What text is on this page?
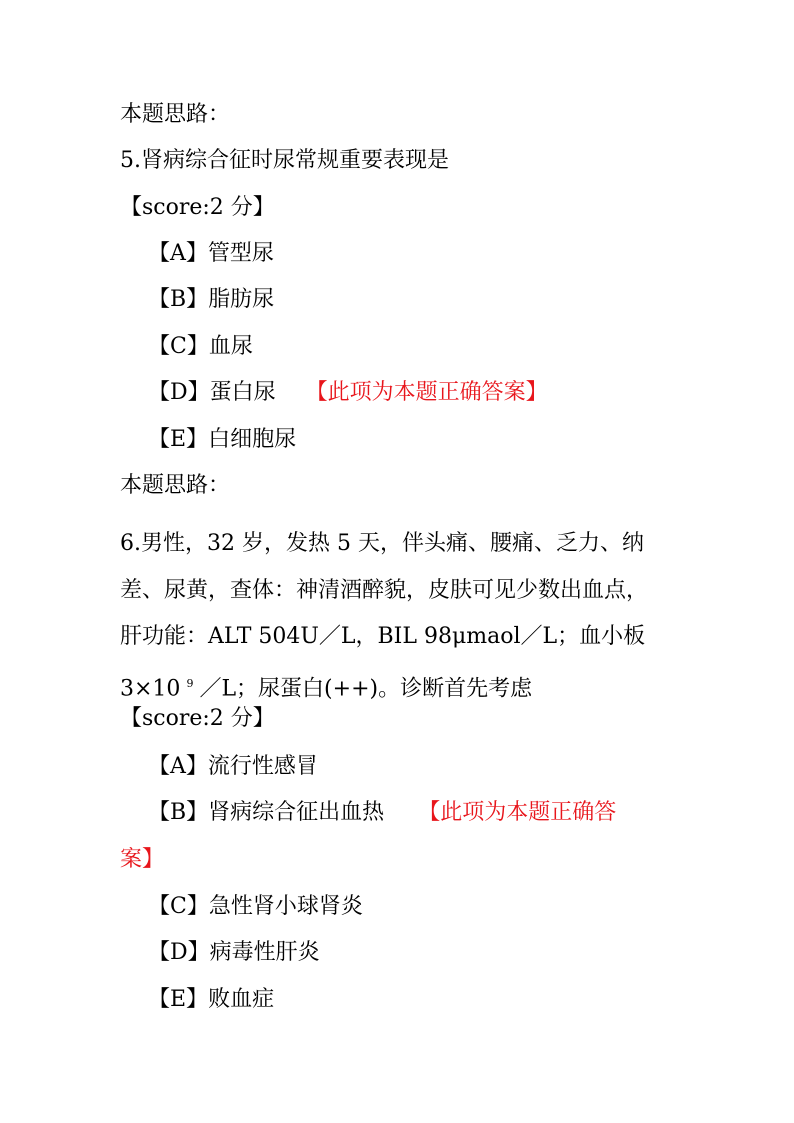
本题思路：
5.肾病综合征时尿常规重要表现是
【score:2 分】
【A】管型尿
【B】脂肪尿
【C】血尿
【D】蛋白尿 【此项为本题正确答案】
【E】白细胞尿
本题思路：
6.男性，32 岁，发热 5 天，伴头痛、腰痛、乏力、纳差、尿黄，查体：神清酒醉貌，皮肤可见少数出血点，肝功能：ALT 504U／L，BIL 98μmaol／L；血小板 3×10 $^9$ ／L；尿蛋白(++)。诊断首先考虑
【score:2 分】
【A】流行性感冒
【B】肾病综合征出血热 【此项为本题正确答
案】
【C】急性肾小球肾炎
【D】病毒性肝炎
【E】败血症
